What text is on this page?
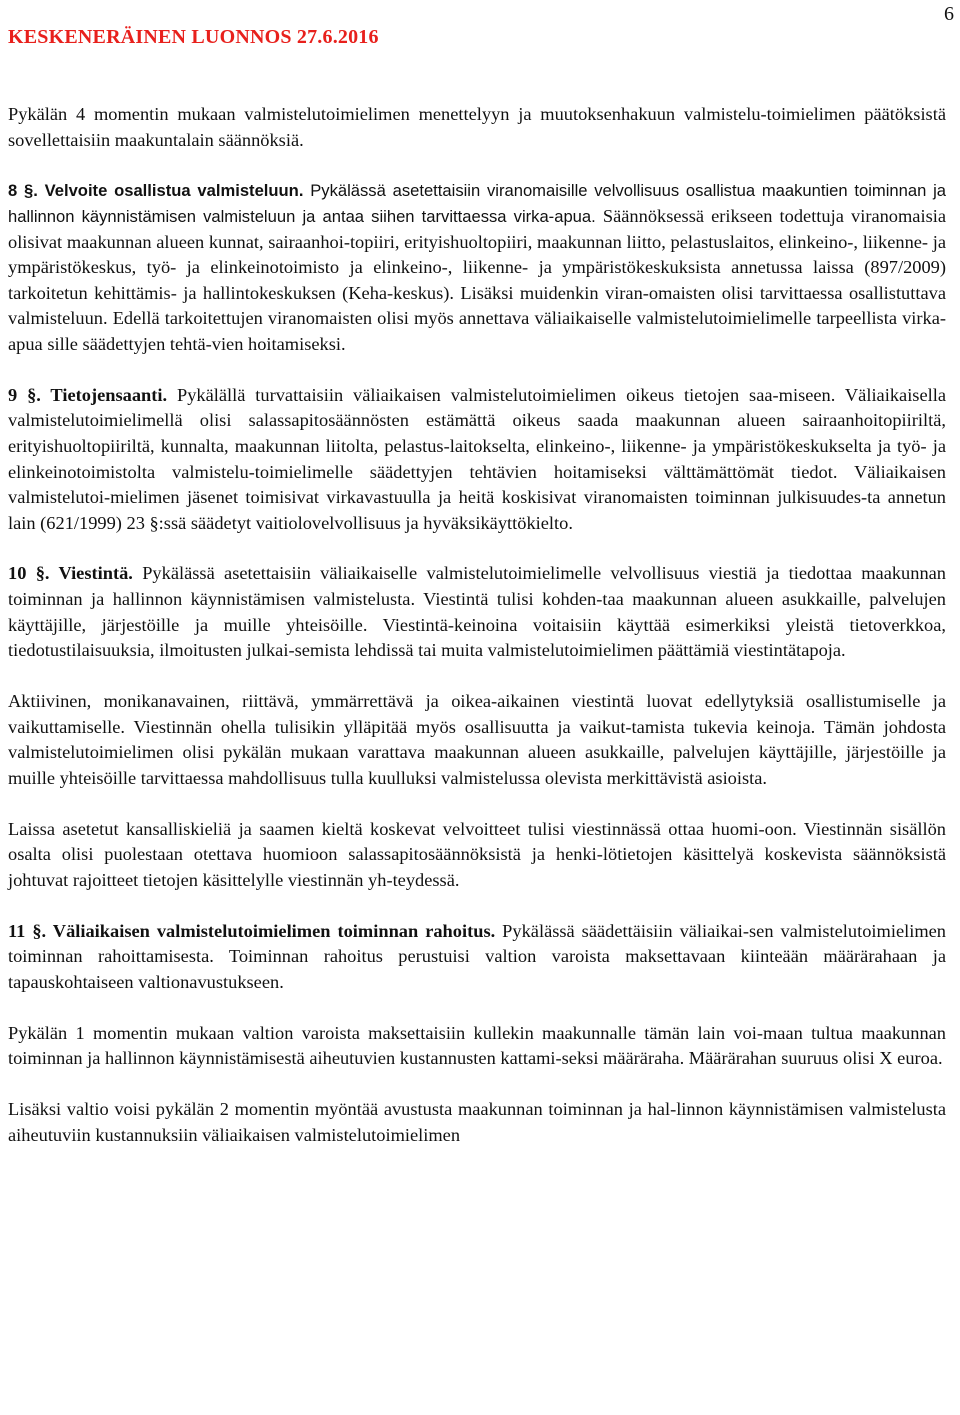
KESKENERÄINEN LUONNOS 27.6.2016
6

Pykälän 4 momentin mukaan valmistelutoimielimen menettelyyn ja muutoksenhakuun valmistelu-toimielimen päätöksistä sovellettaisiin maakuntalain säännöksiä.

8 §. Velvoite osallistua valmisteluun. Pykälässä asetettaisiin viranomaisille velvollisuus osallistua maakuntien toiminnan ja hallinnon käynnistämisen valmisteluun ja antaa siihen tarvittaessa virka-apua. Säännöksessä erikseen todettuja viranomaisia olisivat maakunnan alueen kunnat, sairaanhoi-topiiri, erityishuoltopiiri, maakunnan liitto, pelastuslaitos, elinkeino-, liikenne- ja ympäristökeskus, työ- ja elinkeinotoimisto ja elinkeino-, liikenne- ja ympäristökeskuksista annetussa laissa (897/2009) tarkoitetun kehittämis- ja hallintokeskuksen (Keha-keskus). Lisäksi muidenkin viran-omaisten olisi tarvittaessa osallistuttava valmisteluun. Edellä tarkoitettujen viranomaisten olisi myös annettava väliaikaiselle valmistelutoimielimelle tarpeellista virka-apua sille säädettyjen tehtä-vien hoitamiseksi.

9 §. Tietojensaanti. Pykälällä turvattaisiin väliaikaisen valmistelutoimielimen oikeus tietojen saa-miseen. Väliaikaisella valmistelutoimielimellä olisi salassapitosäännösten estämättä oikeus saada maakunnan alueen sairaanhoitopiiriltä, erityishuoltopiiriltä, kunnalta, maakunnan liitolta, pelastus-laitokselta, elinkeino-, liikenne- ja ympäristökeskukselta ja työ- ja elinkeinotoimistolta valmistelu-toimielimelle säädettyjen tehtävien hoitamiseksi välttämättömät tiedot. Väliaikaisen valmistelutoi-mielimen jäsenet toimisivat virkavastuulla ja heitä koskisivat viranomaisten toiminnan julkisuudes-ta annetun lain (621/1999) 23 §:ssä säädetyt vaitiolovelvollisuus ja hyväksikäyttökielto.

10 §. Viestintä. Pykälässä asetettaisiin väliaikaiselle valmistelutoimielimelle velvollisuus viestiä ja tiedottaa maakunnan toiminnan ja hallinnon käynnistämisen valmistelusta. Viestintä tulisi kohden-taa maakunnan alueen asukkaille, palvelujen käyttäjille, järjestöille ja muille yhteisöille. Viestintä-keinoina voitaisiin käyttää esimerkiksi yleistä tietoverkkoa, tiedotustilaisuuksia, ilmoitusten julkai-semista lehdissä tai muita valmistelutoimielimen päättämiä viestintätapoja.

Aktiivinen, monikanavainen, riittävä, ymmärrettävä ja oikea-aikainen viestintä luovat edellytyksiä osallistumiselle ja vaikuttamiselle. Viestinnän ohella tulisikin ylläpitää myös osallisuutta ja vaikut-tamista tukevia keinoja. Tämän johdosta valmistelutoimielimen olisi pykälän mukaan varattava maakunnan alueen asukkaille, palvelujen käyttäjille, järjestöille ja muille yhteisöille tarvittaessa mahdollisuus tulla kuulluksi valmistelussa olevista merkittävistä asioista.

Laissa asetetut kansalliskieliä ja saamen kieltä koskevat velvoitteet tulisi viestinnässä ottaa huomi-oon. Viestinnän sisällön osalta olisi puolestaan otettava huomioon salassapitosäännöksistä ja henki-lötietojen käsittelyä koskevista säännöksistä johtuvat rajoitteet tietojen käsittelylle viestinnän yh-teydessä.

11 §. Väliaikaisen valmistelutoimielimen toiminnan rahoitus. Pykälässä säädettäisiin väliaikai-sen valmistelutoimielimen toiminnan rahoittamisesta. Toiminnan rahoitus perustuisi valtion varoista maksettavaan kiinteään määrärahaan ja tapauskohtaiseen valtionavustukseen.

Pykälän 1 momentin mukaan valtion varoista maksettaisiin kullekin maakunnalle tämän lain voi-maan tultua maakunnan toiminnan ja hallinnon käynnistämisestä aiheutuvien kustannusten kattami-seksi määräraha. Määrärahan suuruus olisi X euroa.

Lisäksi valtio voisi pykälän 2 momentin myöntää avustusta maakunnan toiminnan ja hal-linnon käynnistämisen valmistelusta aiheutuviin kustannuksiin väliaikaisen valmistelutoimielimen
